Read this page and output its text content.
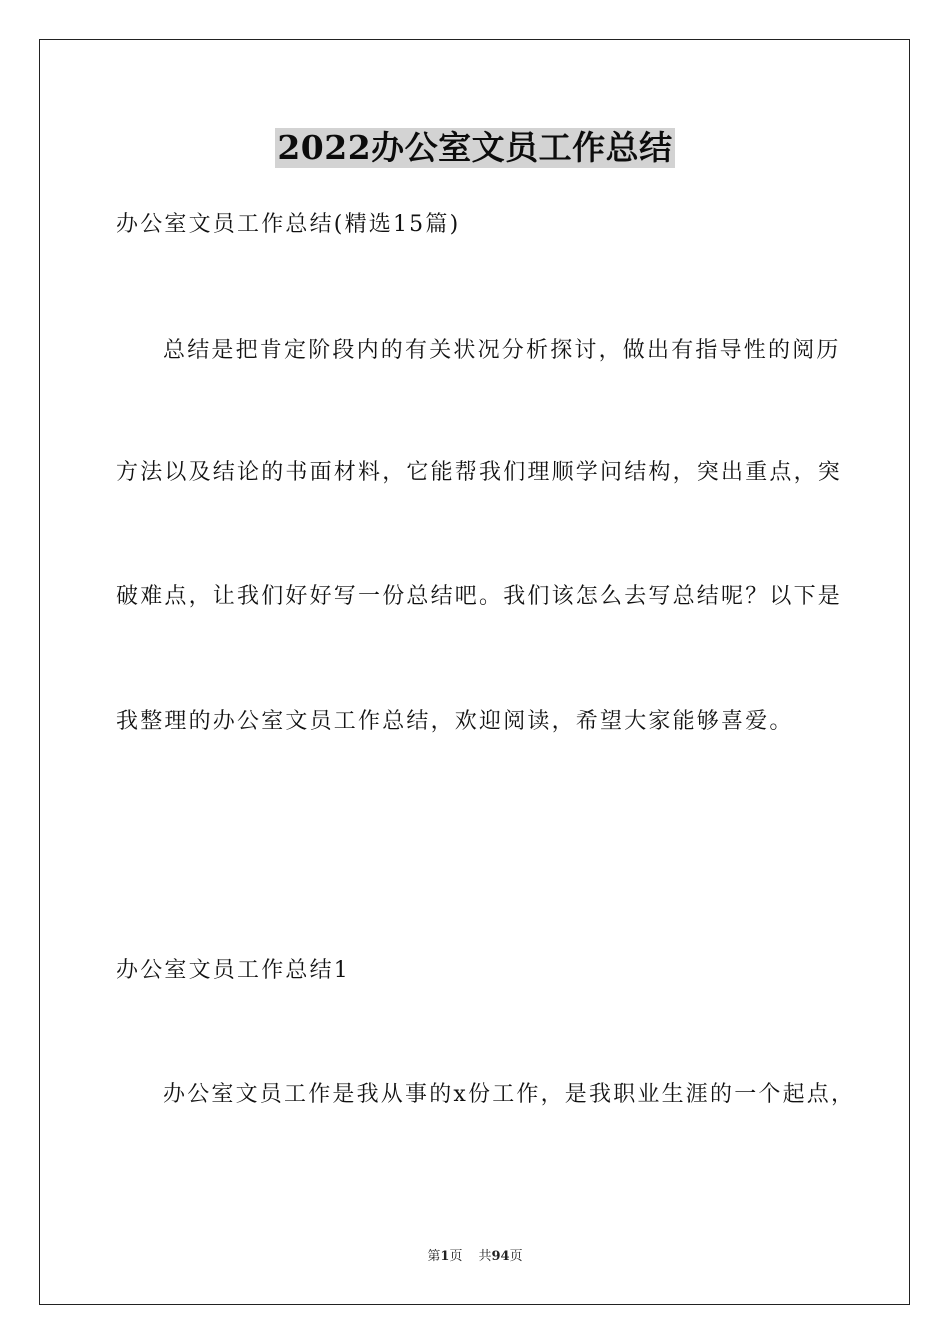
2022办公室文员工作总结
办公室文员工作总结(精选15篇)
总结是把肯定阶段内的有关状况分析探讨，做出有指导性的阅历
方法以及结论的书面材料，它能帮我们理顺学问结构，突出重点，突
破难点，让我们好好写一份总结吧。我们该怎么去写总结呢？以下是
我整理的办公室文员工作总结，欢迎阅读，希望大家能够喜爱。
办公室文员工作总结1
办公室文员工作是我从事的x份工作，是我职业生涯的一个起点，
第1页 共94页
